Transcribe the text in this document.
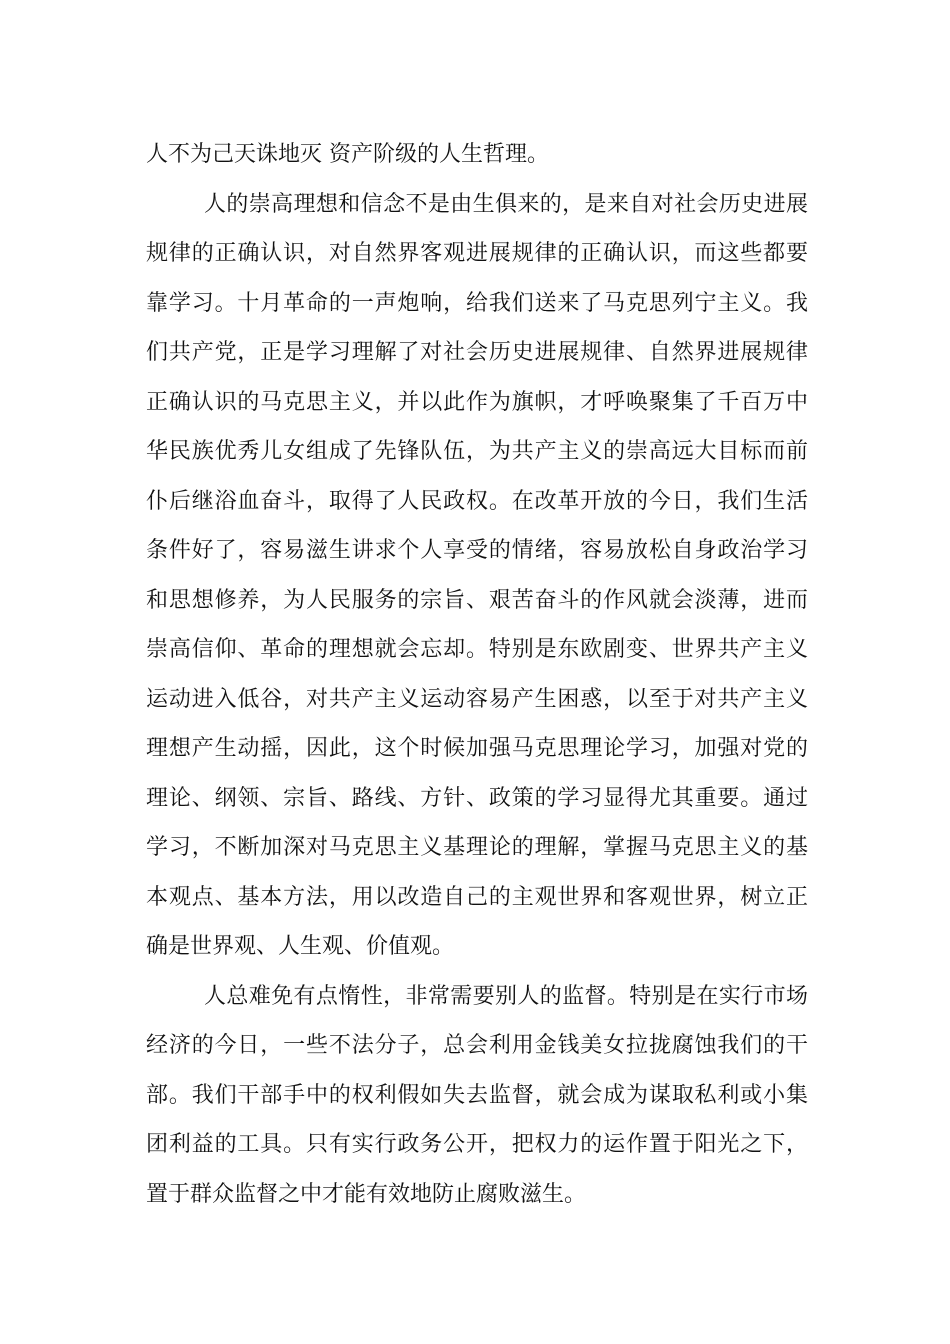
人不为己天诛地灭 资产阶级的人生哲理。
人的崇高理想和信念不是由生俱来的，是来自对社会历史进展
规律的正确认识，对自然界客观进展规律的正确认识，而这些都要
靠学习。十月革命的一声炮响，给我们送来了马克思列宁主义。我
们共产党，正是学习理解了对社会历史进展规律、自然界进展规律
正确认识的马克思主义，并以此作为旗帜，才呼唤聚集了千百万中
华民族优秀儿女组成了先锋队伍，为共产主义的崇高远大目标而前
仆后继浴血奋斗，取得了人民政权。在改革开放的今日，我们生活
条件好了，容易滋生讲求个人享受的情绪，容易放松自身政治学习
和思想修养，为人民服务的宗旨、艰苦奋斗的作风就会淡薄，进而
崇高信仰、革命的理想就会忘却。特别是东欧剧变、世界共产主义
运动进入低谷，对共产主义运动容易产生困惑，以至于对共产主义
理想产生动摇，因此，这个时候加强马克思理论学习，加强对党的
理论、纲领、宗旨、路线、方针、政策的学习显得尤其重要。通过
学习，不断加深对马克思主义基理论的理解，掌握马克思主义的基
本观点、基本方法，用以改造自己的主观世界和客观世界，树立正
确是世界观、人生观、价值观。
人总难免有点惰性，非常需要别人的监督。特别是在实行市场
经济的今日，一些不法分子，总会利用金钱美女拉拢腐蚀我们的干
部。我们干部手中的权利假如失去监督，就会成为谋取私利或小集
团利益的工具。只有实行政务公开，把权力的运作置于阳光之下，
置于群众监督之中才能有效地防止腐败滋生。
